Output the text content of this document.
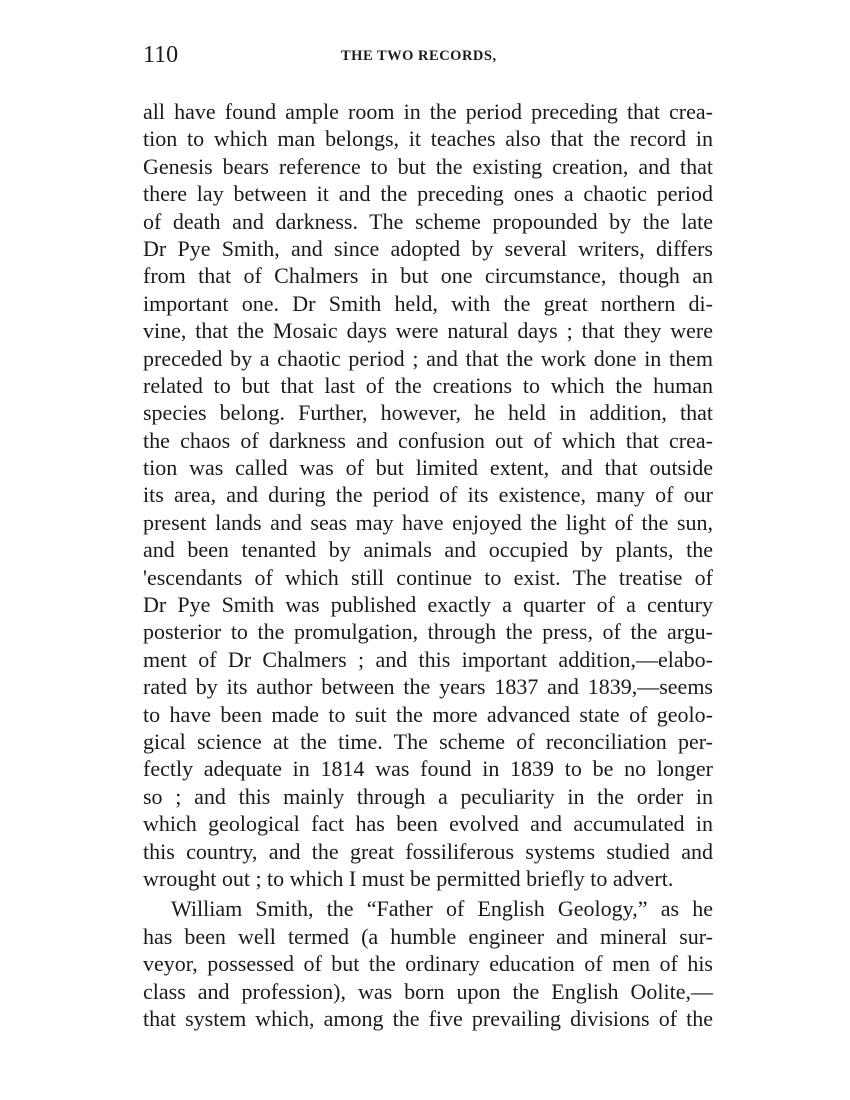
110	THE TWO RECORDS,
all have found ample room in the period preceding that crea-
tion to which man belongs, it teaches also that the record in
Genesis bears reference to but the existing creation, and that
there lay between it and the preceding ones a chaotic period
of death and darkness. The scheme propounded by the late
Dr Pye Smith, and since adopted by several writers, differs
from that of Chalmers in but one circumstance, though an
important one. Dr Smith held, with the great northern di-
vine, that the Mosaic days were natural days ; that they were
preceded by a chaotic period ; and that the work done in them
related to but that last of the creations to which the human
species belong. Further, however, he held in addition, that
the chaos of darkness and confusion out of which that crea-
tion was called was of but limited extent, and that outside
its area, and during the period of its existence, many of our
present lands and seas may have enjoyed the light of the sun,
and been tenanted by animals and occupied by plants, the
'escendants of which still continue to exist. The treatise of
Dr Pye Smith was published exactly a quarter of a century
posterior to the promulgation, through the press, of the argu-
ment of Dr Chalmers ; and this important addition,—elabo-
rated by its author between the years 1837 and 1839,—seems
to have been made to suit the more advanced state of geolo-
gical science at the time. The scheme of reconciliation per-
fectly adequate in 1814 was found in 1839 to be no longer
so ; and this mainly through a peculiarity in the order in
which geological fact has been evolved and accumulated in
this country, and the great fossiliferous systems studied and
wrought out ; to which I must be permitted briefly to advert.
William Smith, the “Father of English Geology,” as he
has been well termed (a humble engineer and mineral sur-
veyor, possessed of but the ordinary education of men of his
class and profession), was born upon the English Oolite,—
that system which, among the five prevailing divisions of the
